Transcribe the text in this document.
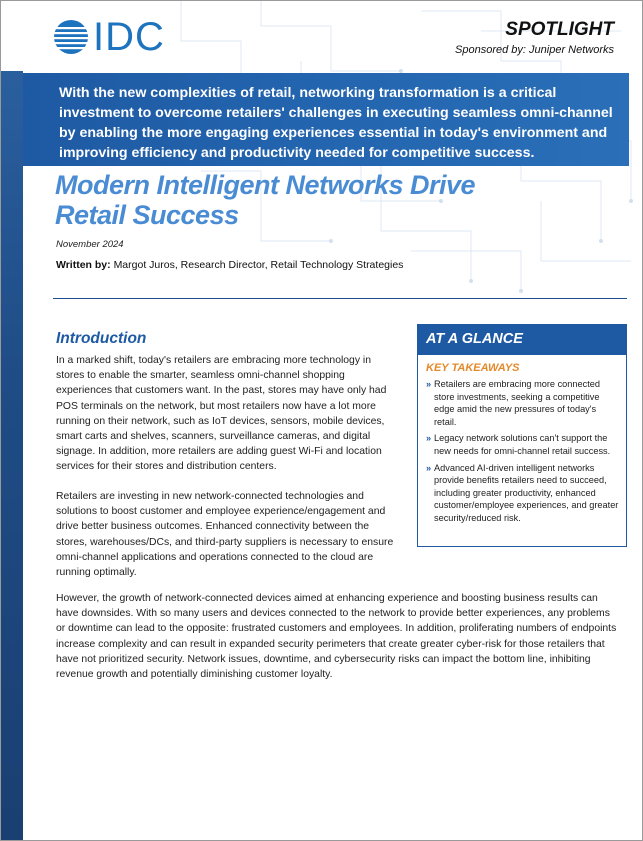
IDC	SPOTLIGHT
Sponsored by: Juniper Networks
With the new complexities of retail, networking transformation is a critical investment to overcome retailers' challenges in executing seamless omni-channel by enabling the more engaging experiences essential in today's environment and improving efficiency and productivity needed for competitive success.
Modern Intelligent Networks Drive
Retail Success
November 2024
Written by: Margot Juros, Research Director, Retail Technology Strategies
Introduction

In a marked shift, today's retailers are embracing more technology in stores to enable the smarter, seamless omni-channel shopping experiences that customers want. In the past, stores may have only had POS terminals on the network, but most retailers now have a lot more running on their network, such as IoT devices, sensors, mobile devices, smart carts and shelves, scanners, surveillance cameras, and digital signage. In addition, more retailers are adding guest Wi-Fi and location services for their stores and distribution centers.

Retailers are investing in new network-connected technologies and solutions to boost customer and employee experience/engagement and drive better business outcomes. Enhanced connectivity between the stores, warehouses/DCs, and third-party suppliers is necessary to ensure omni-channel applications and operations connected to the cloud are running optimally.

However, the growth of network-connected devices aimed at enhancing experience and boosting business results can have downsides. With so many users and devices connected to the network to provide better experiences, any problems or downtime can lead to the opposite: frustrated customers and employees. In addition, proliferating numbers of endpoints increase complexity and can result in expanded security perimeters that create greater cyber-risk for those retailers that have not prioritized security. Network issues, downtime, and cybersecurity risks can impact the bottom line, inhibiting revenue growth and potentially diminishing customer loyalty.

AT A GLANCE
KEY TAKEAWAYS
» Retailers are embracing more connected store investments, seeking a competitive edge amid the new pressures of today's retail.
» Legacy network solutions can't support the new needs for omni-channel retail success.
» Advanced AI-driven intelligent networks provide benefits retailers need to succeed, including greater productivity, enhanced customer/employee experiences, and greater security/reduced risk.
